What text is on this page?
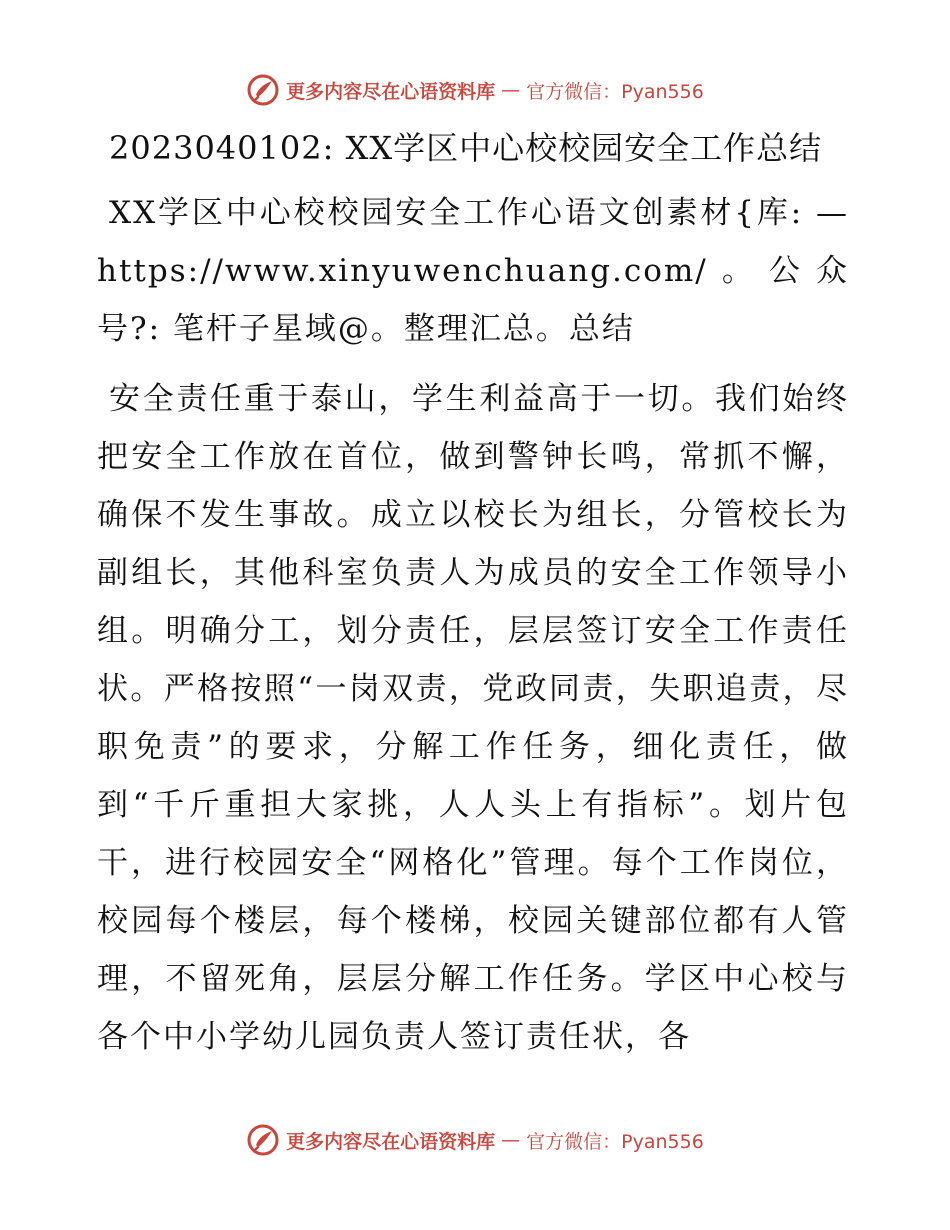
更多内容尽在心语资料库 — 官方微信：Pyan556
2023040102: XX学区中心校校园安全工作总结

XX学区中心校校园安全工作心语文创素材{库: —https://www.xinyuwenchuang.com/。公众号?: 笔杆子星域@。整理汇总。总结

安全责任重于泰山，学生利益高于一切。我们始终把安全工作放在首位，做到警钟长鸣，常抓不懈，确保不发生事故。成立以校长为组长，分管校长为副组长，其他科室负责人为成员的安全工作领导小组。明确分工，划分责任，层层签订安全工作责任状。严格按照“一岗双责，党政同责，失职追责，尽职免责”的要求，分解工作任务，细化责任，做到“千斤重担大家挑，人人头上有指标”。划片包干，进行校园安全“网格化”管理。每个工作岗位，校园每个楼层，每个楼梯，校园关键部位都有人管理，不留死角，层层分解工作任务。学区中心校与各个中小学幼儿园负责人签订责任状，各

更多内容尽在心语资料库 — 官方微信：Pyan556
